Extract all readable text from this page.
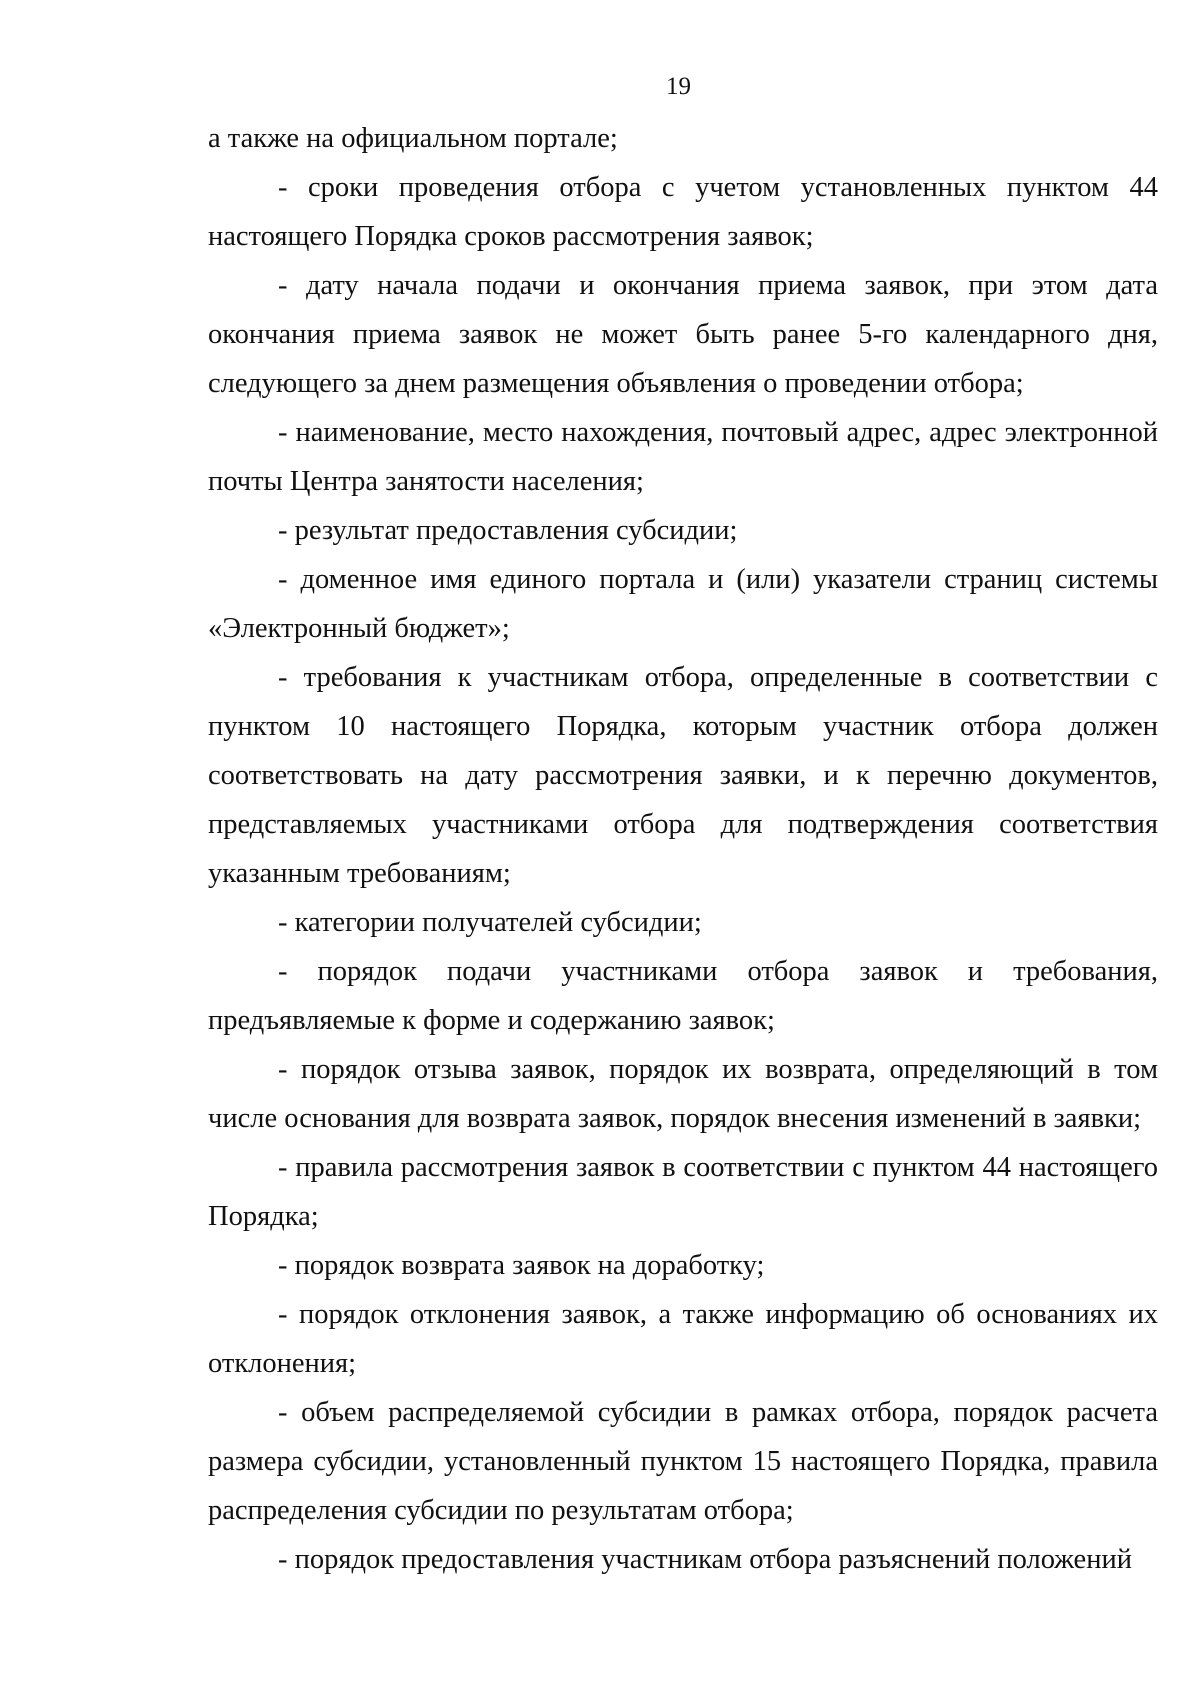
19

а также на официальном портале;

- сроки проведения отбора с учетом установленных пунктом 44 настоящего Порядка сроков рассмотрения заявок;

- дату начала подачи и окончания приема заявок, при этом дата окончания приема заявок не может быть ранее 5-го календарного дня, следующего за днем размещения объявления о проведении отбора;

- наименование, место нахождения, почтовый адрес, адрес электронной почты Центра занятости населения;

- результат предоставления субсидии;

- доменное имя единого портала и (или) указатели страниц системы «Электронный бюджет»;

- требования к участникам отбора, определенные в соответствии с пунктом 10 настоящего Порядка, которым участник отбора должен соответствовать на дату рассмотрения заявки, и к перечню документов, представляемых участниками отбора для подтверждения соответствия указанным требованиям;

- категории получателей субсидии;

- порядок подачи участниками отбора заявок и требования, предъявляемые к форме и содержанию заявок;

- порядок отзыва заявок, порядок их возврата, определяющий в том числе основания для возврата заявок, порядок внесения изменений в заявки;

- правила рассмотрения заявок в соответствии с пунктом 44 настоящего Порядка;

- порядок возврата заявок на доработку;

- порядок отклонения заявок, а также информацию об основаниях их отклонения;

- объем распределяемой субсидии в рамках отбора, порядок расчета размера субсидии, установленный пунктом 15 настоящего Порядка, правила распределения субсидии по результатам отбора;

- порядок предоставления участникам отбора разъяснений положений
